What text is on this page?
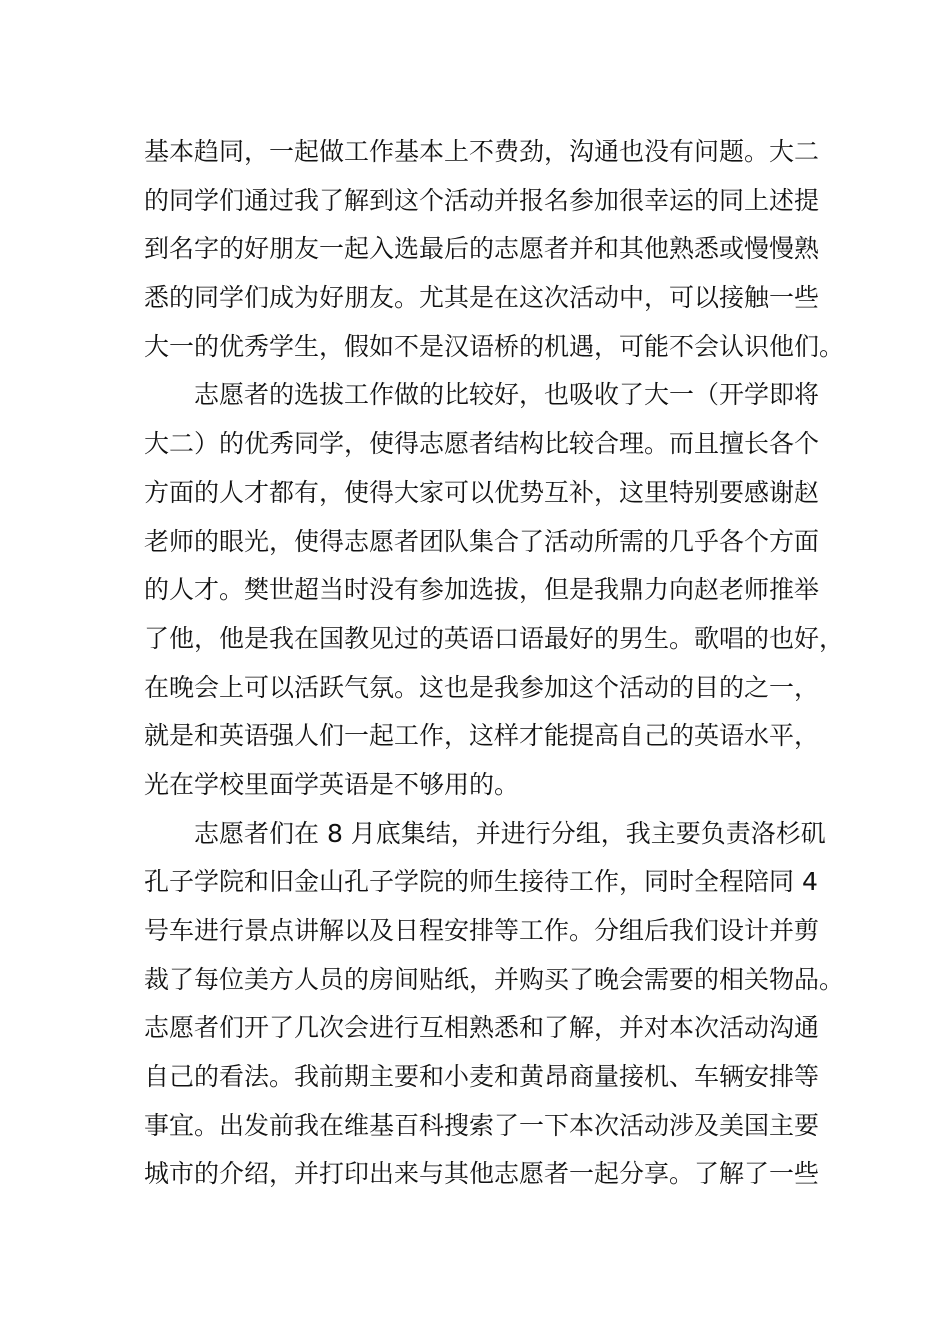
基本趋同，一起做工作基本上不费劲，沟通也没有问题。大二
的同学们通过我了解到这个活动并报名参加很幸运的同上述提
到名字的好朋友一起入选最后的志愿者并和其他熟悉或慢慢熟
悉的同学们成为好朋友。尤其是在这次活动中，可以接触一些
大一的优秀学生，假如不是汉语桥的机遇，可能不会认识他们。
志愿者的选拔工作做的比较好，也吸收了大一（开学即将
大二）的优秀同学，使得志愿者结构比较合理。而且擅长各个
方面的人才都有，使得大家可以优势互补，这里特别要感谢赵
老师的眼光，使得志愿者团队集合了活动所需的几乎各个方面
的人才。樊世超当时没有参加选拔，但是我鼎力向赵老师推举
了他，他是我在国教见过的英语口语最好的男生。歌唱的也好，
在晚会上可以活跃气氛。这也是我参加这个活动的目的之一，
就是和英语强人们一起工作，这样才能提高自己的英语水平，
光在学校里面学英语是不够用的。
志愿者们在 8 月底集结，并进行分组，我主要负责洛杉矶
孔子学院和旧金山孔子学院的师生接待工作，同时全程陪同 4
号车进行景点讲解以及日程安排等工作。分组后我们设计并剪
裁了每位美方人员的房间贴纸，并购买了晚会需要的相关物品。
志愿者们开了几次会进行互相熟悉和了解，并对本次活动沟通
自己的看法。我前期主要和小麦和黄昂商量接机、车辆安排等
事宜。出发前我在维基百科搜索了一下本次活动涉及美国主要
城市的介绍，并打印出来与其他志愿者一起分享。了解了一些
